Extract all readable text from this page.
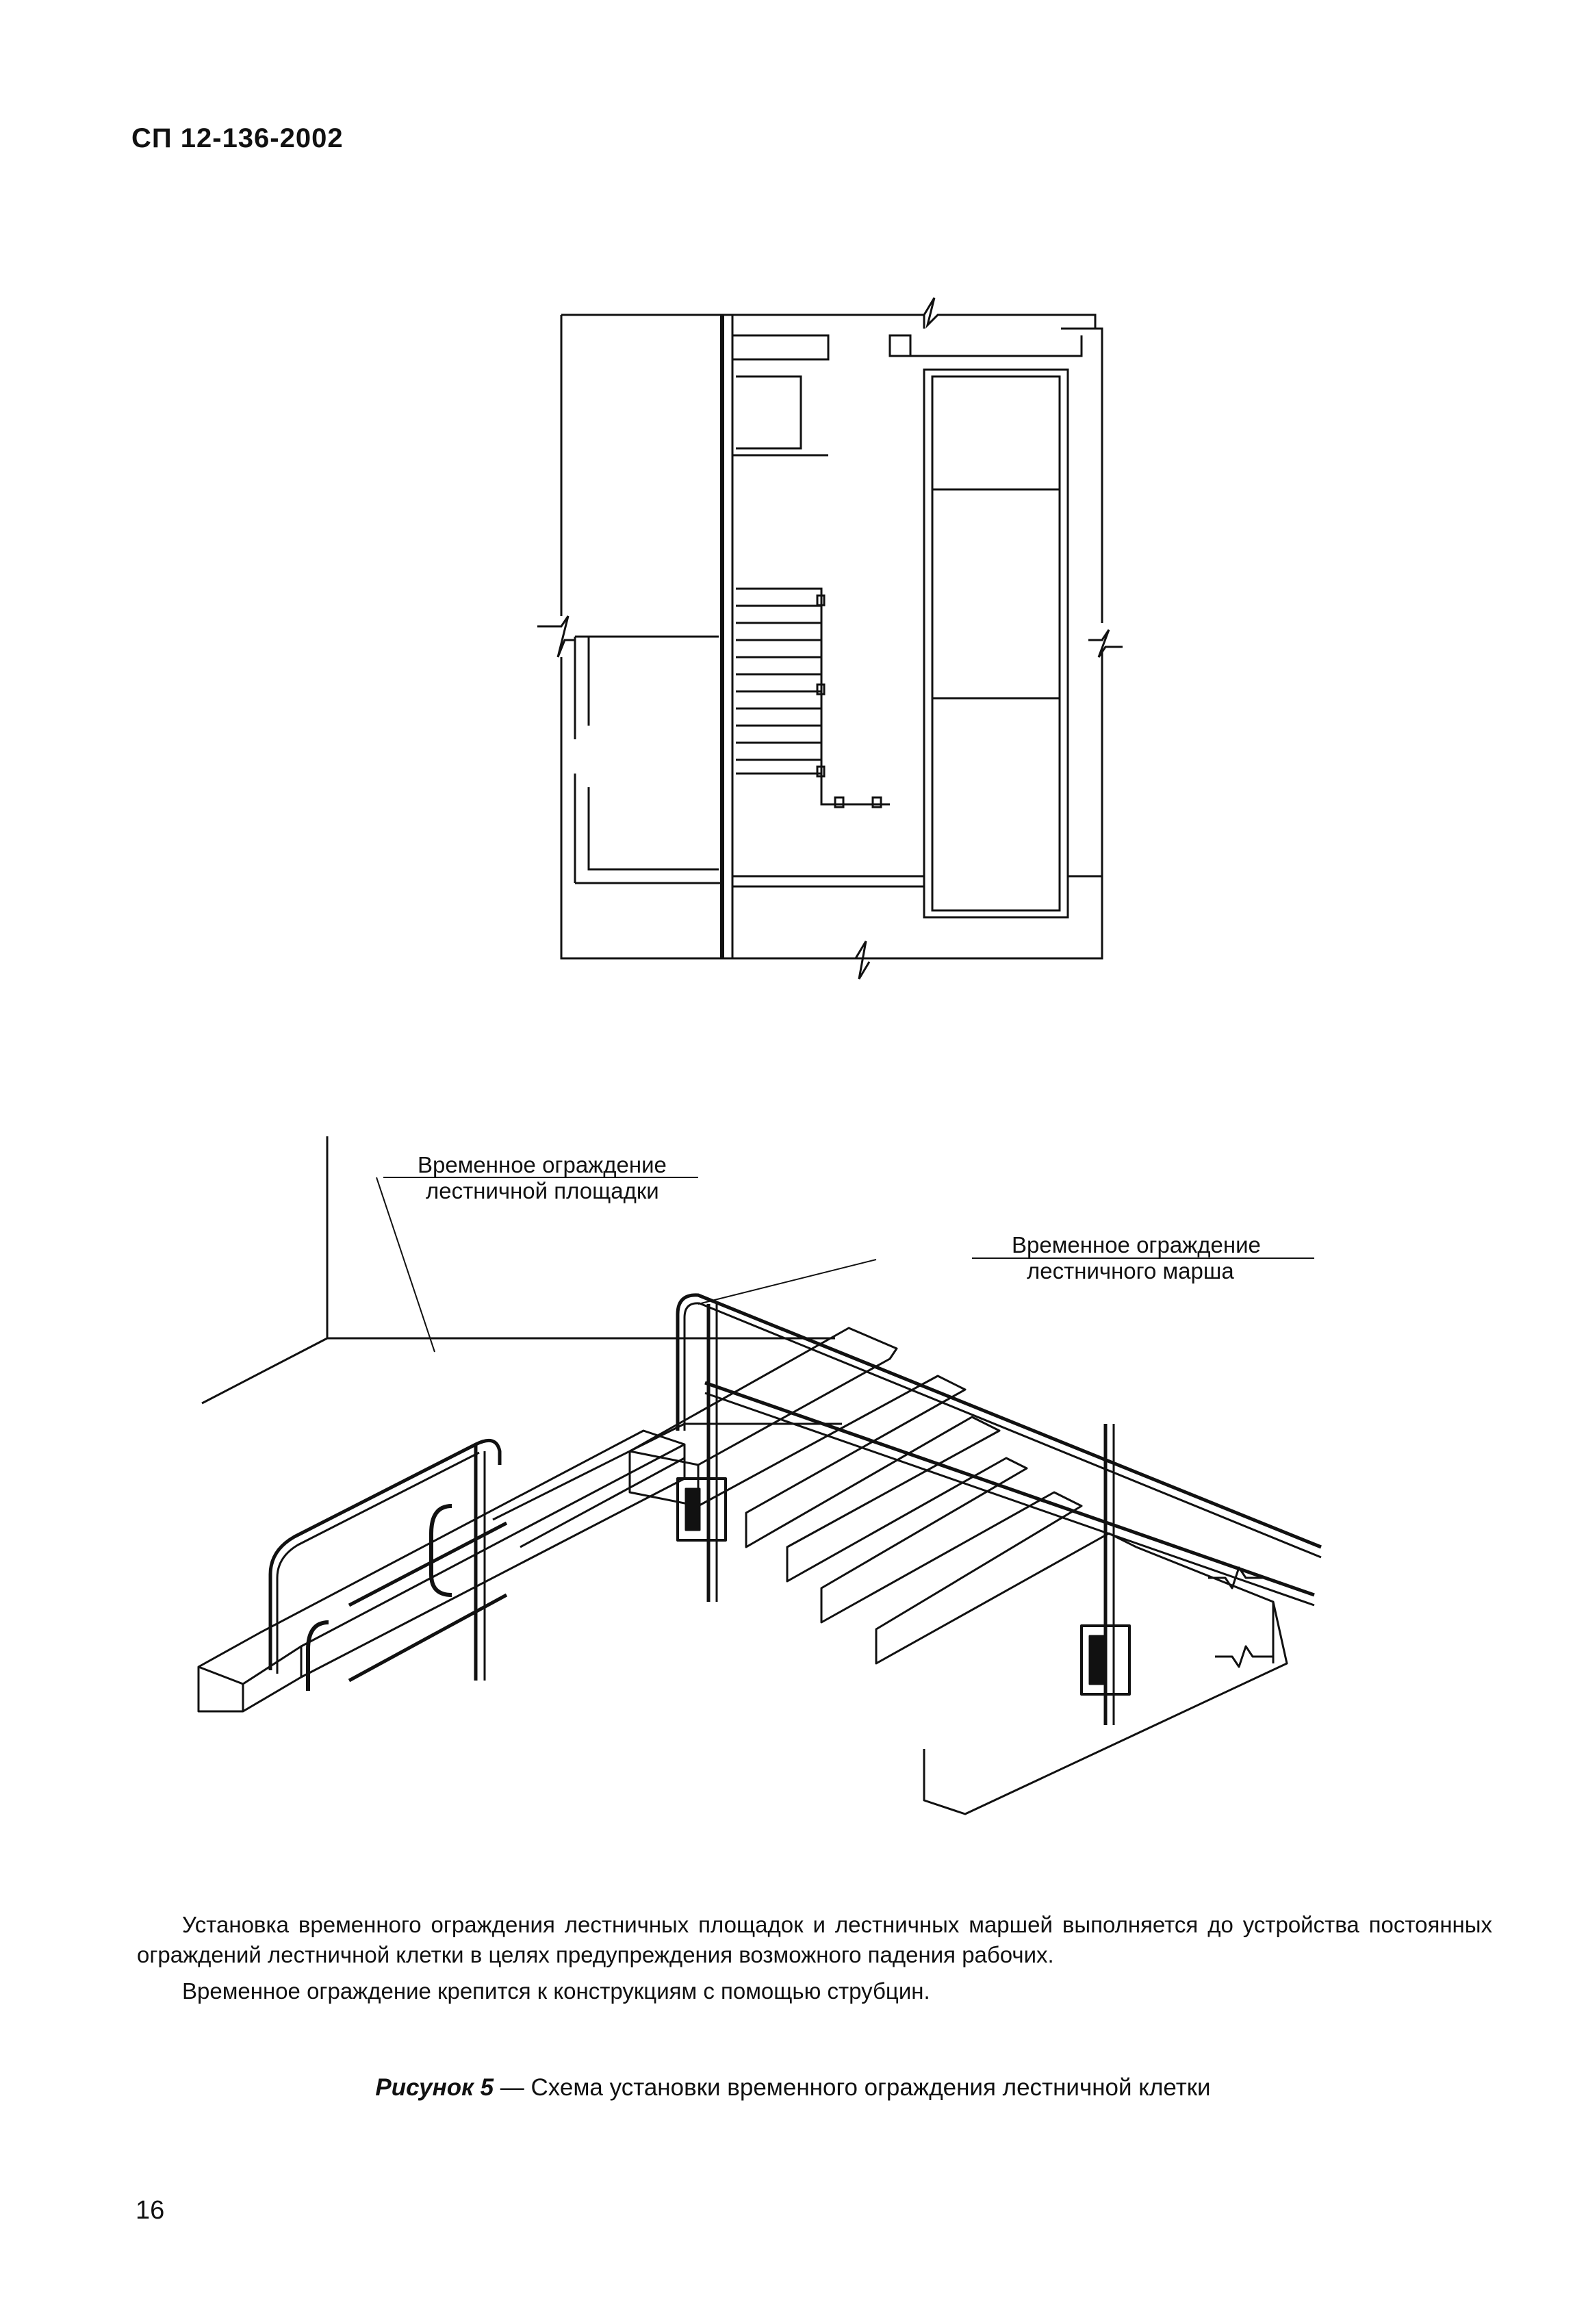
СП 12-136-2002
Временное ограждение
лестничной площадки
Временное ограждение
лестничного марша
Установка временного ограждения лестничных площадок и лестничных маршей выполняется до устройства постоянных ограждений лестничной клетки в целях предупреждения возможного падения рабочих.
Временное ограждение крепится к конструкциям с помощью струбцин.
Рисунок 5 — Схема установки временного ограждения лестничной клетки
16
